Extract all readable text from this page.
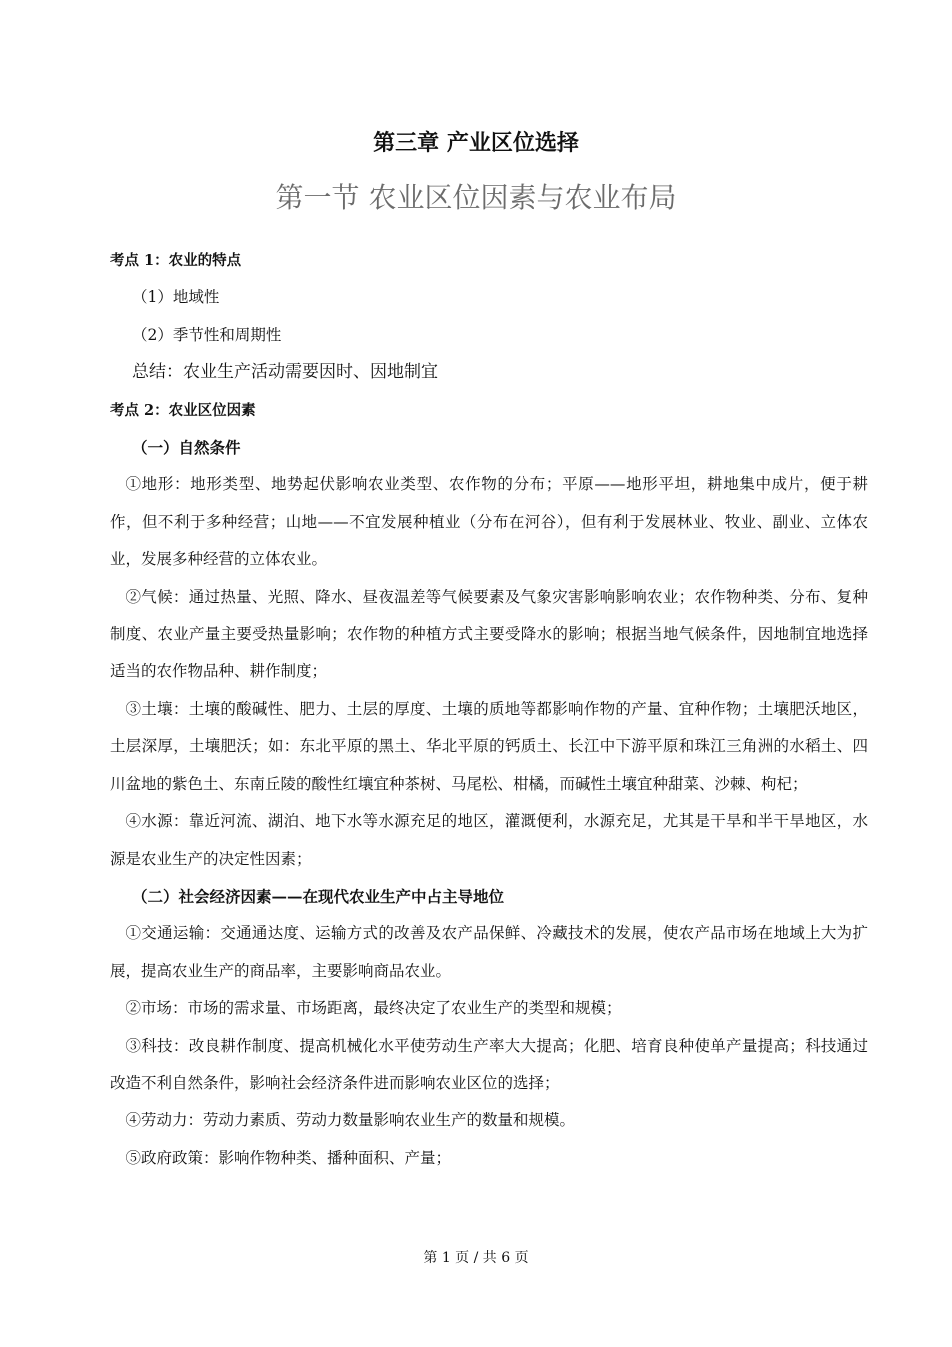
第三章 产业区位选择
第一节 农业区位因素与农业布局

考点 1：农业的特点

（1）地域性

（2）季节性和周期性

总结：农业生产活动需要因时、因地制宜

考点 2：农业区位因素

（一）自然条件

①地形：地形类型、地势起伏影响农业类型、农作物的分布；平原——地形平坦，耕地集中成片，便于耕作，但不利于多种经营；山地——不宜发展种植业（分布在河谷），但有利于发展林业、牧业、副业、立体农业，发展多种经营的立体农业。

②气候：通过热量、光照、降水、昼夜温差等气候要素及气象灾害影响影响农业；农作物种类、分布、复种制度、农业产量主要受热量影响；农作物的种植方式主要受降水的影响；根据当地气候条件，因地制宜地选择适当的农作物品种、耕作制度；

③土壤：土壤的酸碱性、肥力、土层的厚度、土壤的质地等都影响作物的产量、宜种作物；土壤肥沃地区，土层深厚，土壤肥沃；如：东北平原的黑土、华北平原的钙质土、长江中下游平原和珠江三角洲的水稻土、四川盆地的紫色土、东南丘陵的酸性红壤宜种茶树、马尾松、柑橘，而碱性土壤宜种甜菜、沙棘、枸杞；

④水源：靠近河流、湖泊、地下水等水源充足的地区，灌溉便利，水源充足，尤其是干旱和半干旱地区，水源是农业生产的决定性因素；

（二）社会经济因素——在现代农业生产中占主导地位

①交通运输：交通通达度、运输方式的改善及农产品保鲜、冷藏技术的发展，使农产品市场在地域上大为扩展，提高农业生产的商品率，主要影响商品农业。

②市场：市场的需求量、市场距离，最终决定了农业生产的类型和规模；

③科技：改良耕作制度、提高机械化水平使劳动生产率大大提高；化肥、培育良种使单产量提高；科技通过改造不利自然条件，影响社会经济条件进而影响农业区位的选择；

④劳动力：劳动力素质、劳动力数量影响农业生产的数量和规模。

⑤政府政策：影响作物种类、播种面积、产量；

第 1 页 / 共 6 页
